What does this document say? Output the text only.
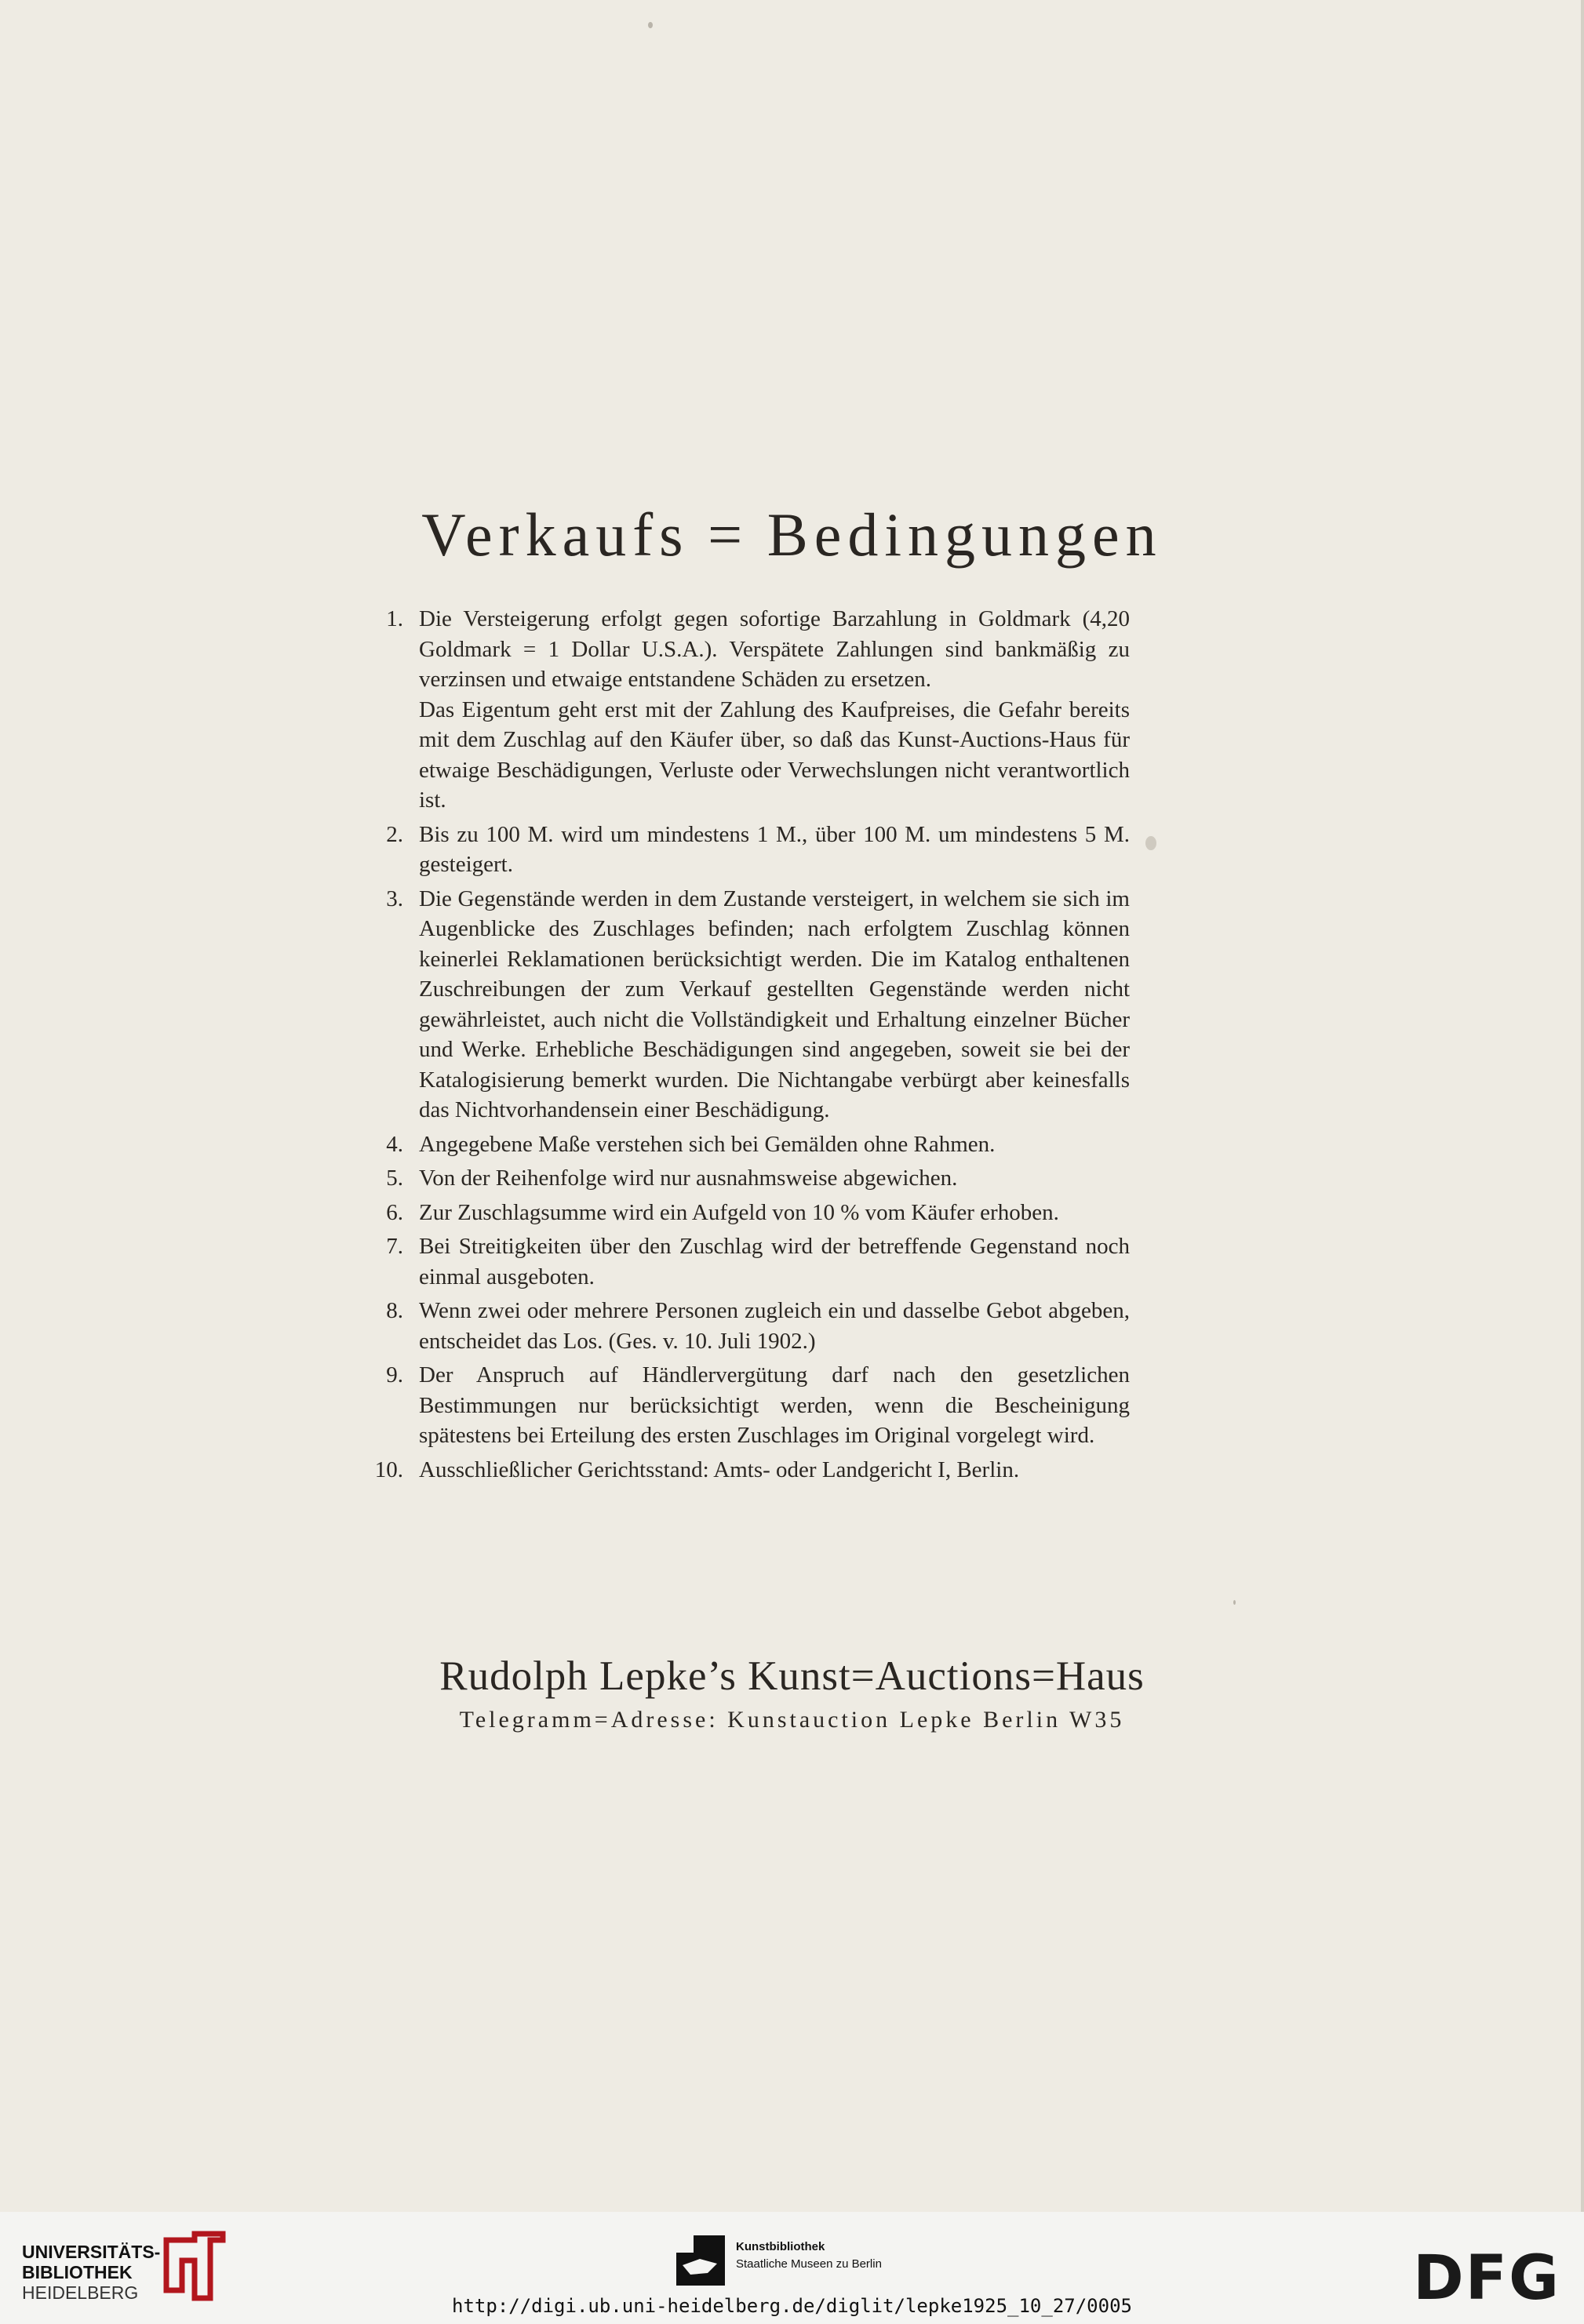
Verkaufs = Bedingungen
1. Die Versteigerung erfolgt gegen sofortige Barzahlung in Goldmark (4,20 Goldmark = 1 Dollar U.S.A.). Verspätete Zahlungen sind bankmäßig zu verzinsen und etwaige entstandene Schäden zu ersetzen.
Das Eigentum geht erst mit der Zahlung des Kaufpreises, die Gefahr bereits mit dem Zuschlag auf den Käufer über, so daß das Kunst-Auctions-Haus für etwaige Beschädigungen, Verluste oder Verwechslungen nicht verantwortlich ist.
2. Bis zu 100 M. wird um mindestens 1 M., über 100 M. um mindestens 5 M. gesteigert.
3. Die Gegenstände werden in dem Zustande versteigert, in welchem sie sich im Augenblicke des Zuschlages befinden; nach erfolgtem Zuschlag können keinerlei Reklamationen berücksichtigt werden. Die im Katalog enthaltenen Zuschreibungen der zum Verkauf gestellten Gegenstände werden nicht gewährleistet, auch nicht die Vollständigkeit und Erhaltung einzelner Bücher und Werke. Erhebliche Beschädigungen sind angegeben, soweit sie bei der Katalogisierung bemerkt wurden. Die Nichtangabe verbürgt aber keinesfalls das Nichtvorhandensein einer Beschädigung.
4. Angegebene Maße verstehen sich bei Gemälden ohne Rahmen.
5. Von der Reihenfolge wird nur ausnahmsweise abgewichen.
6. Zur Zuschlagsumme wird ein Aufgeld von 10 % vom Käufer erhoben.
7. Bei Streitigkeiten über den Zuschlag wird der betreffende Gegenstand noch einmal ausgeboten.
8. Wenn zwei oder mehrere Personen zugleich ein und dasselbe Gebot abgeben, entscheidet das Los. (Ges. v. 10. Juli 1902.)
9. Der Anspruch auf Händlervergütung darf nach den gesetzlichen Bestimmungen nur berücksichtigt werden, wenn die Bescheinigung spätestens bei Erteilung des ersten Zuschlages im Original vorgelegt wird.
10. Ausschließlicher Gerichtsstand: Amts- oder Landgericht I, Berlin.
Rudolph Lepke’s Kunst=Auctions=Haus
Telegramm=Adresse: Kunstauction Lepke Berlin W35
UNIVERSITÄTS-
BIBLIOTHEK
HEIDELBERG
Kunstbibliothek
Staatliche Museen zu Berlin	DFG
http://digi.ub.uni-heidelberg.de/diglit/lepke1925_10_27/0005
